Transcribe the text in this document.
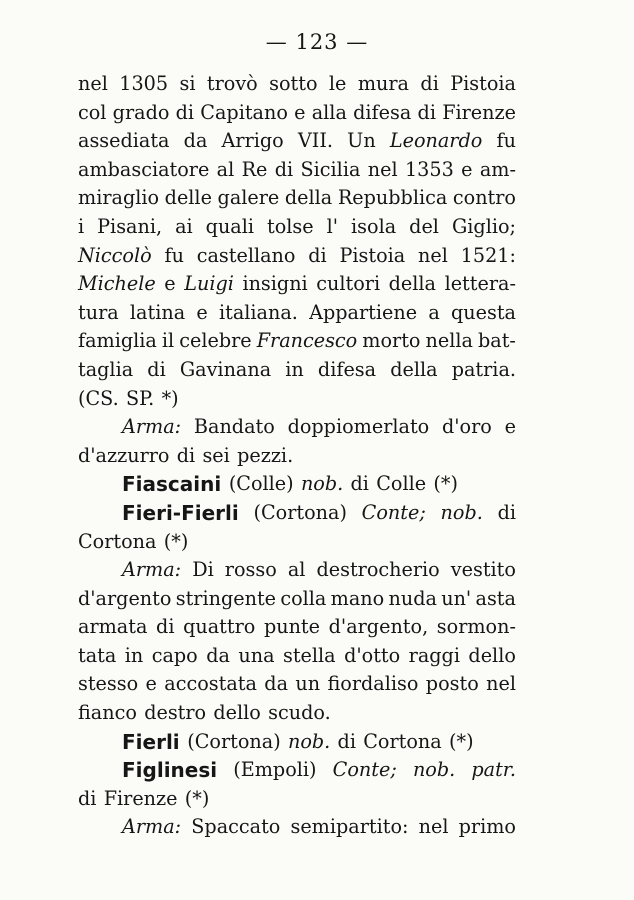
— 123 —
nel 1305 si trovò sotto le mura di Pistoia
col grado di Capitano e alla difesa di Firenze
assediata da Arrigo VII. Un Leonardo fu
ambasciatore al Re di Sicilia nel 1353 e am-
miraglio delle galere della Repubblica contro
i Pisani, ai quali tolse l' isola del Giglio;
Niccolò fu castellano di Pistoia nel 1521:
Michele e Luigi insigni cultori della lettera-
tura latina e italiana. Appartiene a questa
famiglia il celebre Francesco morto nella bat-
taglia di Gavinana in difesa della patria.
(CS. SP. *)
Arma: Bandato doppiomerlato d'oro e
d'azzurro di sei pezzi.
Fiascaini (Colle) nob. di Colle (*)
Fieri-Fierli (Cortona) Conte; nob. di
Cortona (*)
Arma: Di rosso al destrocherio vestito
d'argento stringente colla mano nuda un' asta
armata di quattro punte d'argento, sormon-
tata in capo da una stella d'otto raggi dello
stesso e accostata da un fiordaliso posto nel
fianco destro dello scudo.
Fierli (Cortona) nob. di Cortona (*)
Figlinesi (Empoli) Conte; nob. patr.
di Firenze (*)
Arma: Spaccato semipartito: nel primo
